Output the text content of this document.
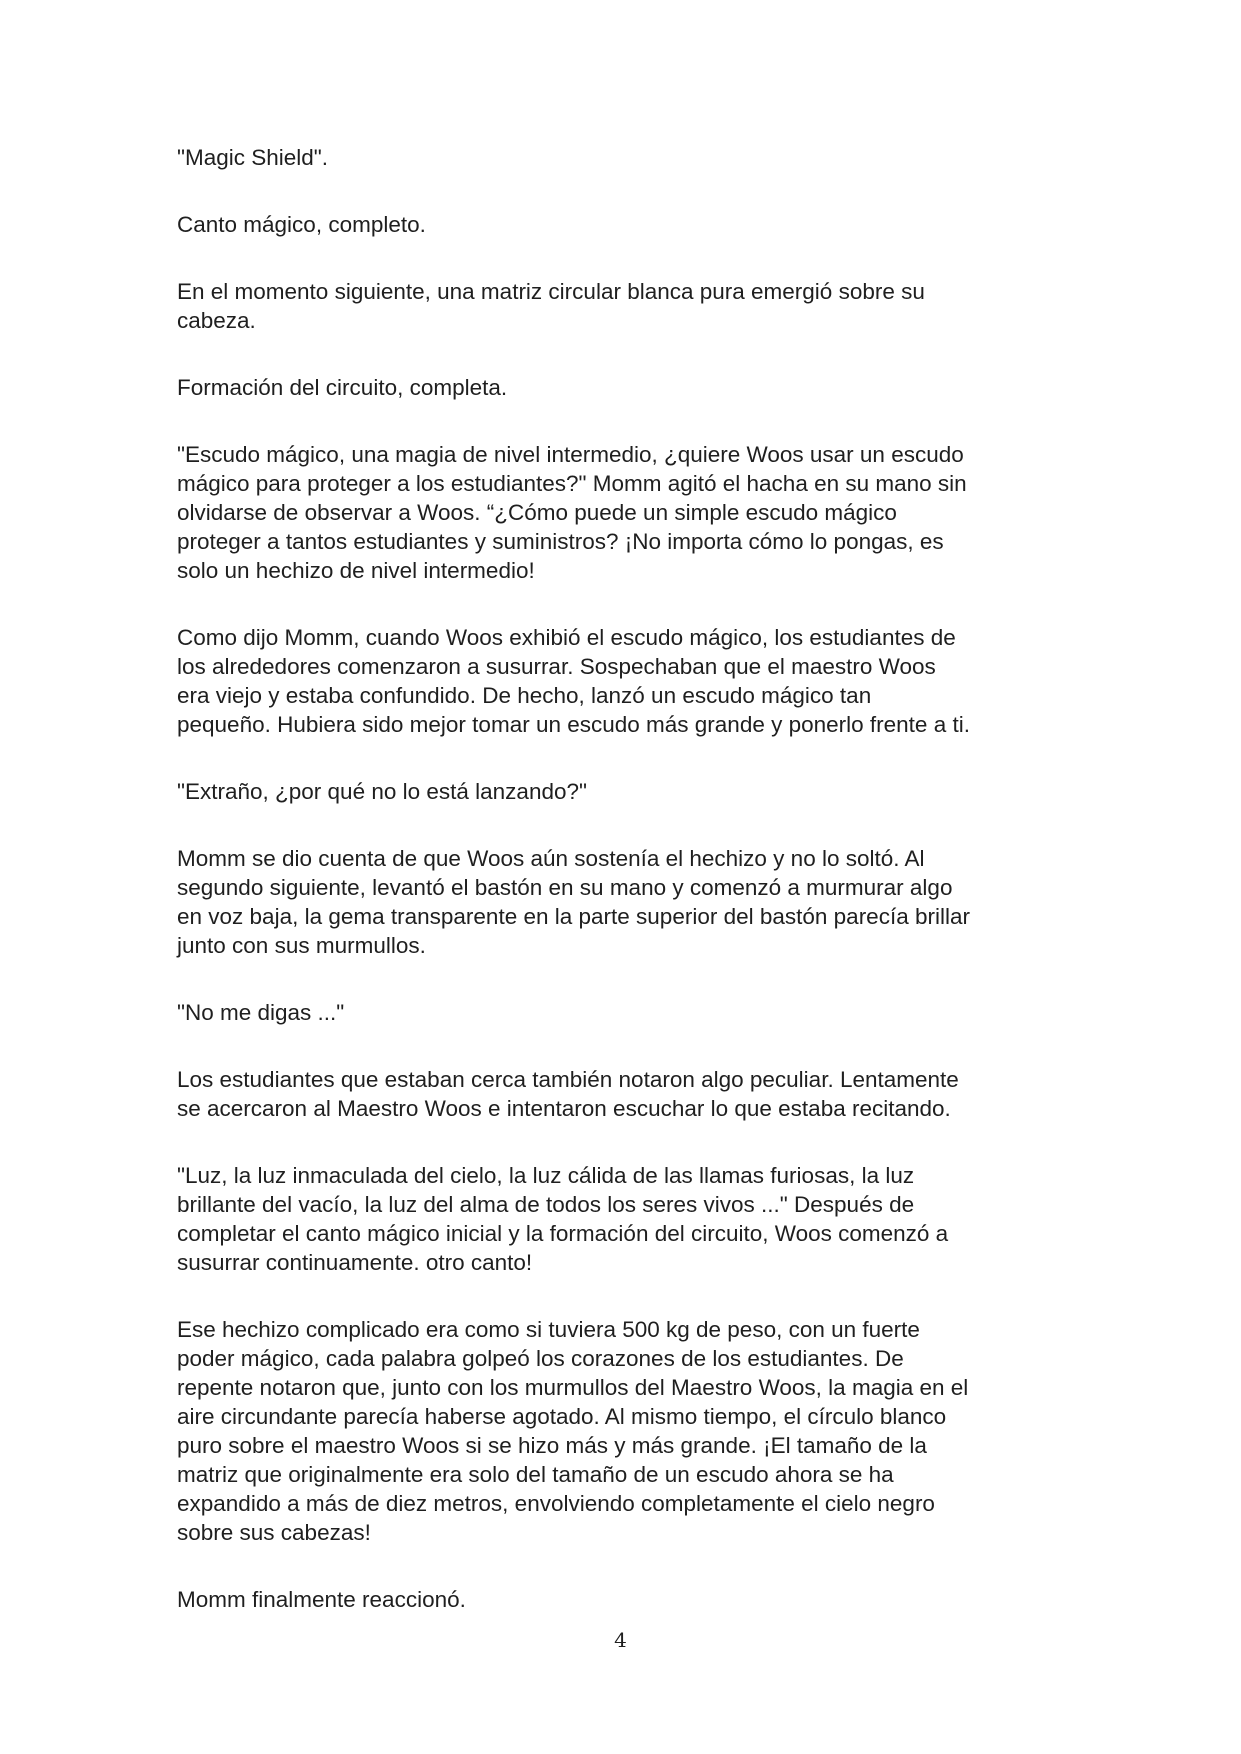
"Magic Shield".

Canto mágico, completo.

En el momento siguiente, una matriz circular blanca pura emergió sobre su
cabeza.

Formación del circuito, completa.

"Escudo mágico, una magia de nivel intermedio, ¿quiere Woos usar un escudo
mágico para proteger a los estudiantes?" Momm agitó el hacha en su mano sin
olvidarse de observar a Woos. “¿Cómo puede un simple escudo mágico
proteger a tantos estudiantes y suministros? ¡No importa cómo lo pongas, es
solo un hechizo de nivel intermedio!

Como dijo Momm, cuando Woos exhibió el escudo mágico, los estudiantes de
los alrededores comenzaron a susurrar. Sospechaban que el maestro Woos
era viejo y estaba confundido. De hecho, lanzó un escudo mágico tan
pequeño. Hubiera sido mejor tomar un escudo más grande y ponerlo frente a ti.

"Extraño, ¿por qué no lo está lanzando?"

Momm se dio cuenta de que Woos aún sostenía el hechizo y no lo soltó. Al
segundo siguiente, levantó el bastón en su mano y comenzó a murmurar algo
en voz baja, la gema transparente en la parte superior del bastón parecía brillar
junto con sus murmullos.

"No me digas ..."

Los estudiantes que estaban cerca también notaron algo peculiar. Lentamente
se acercaron al Maestro Woos e intentaron escuchar lo que estaba recitando.

"Luz, la luz inmaculada del cielo, la luz cálida de las llamas furiosas, la luz
brillante del vacío, la luz del alma de todos los seres vivos ..." Después de
completar el canto mágico inicial y la formación del circuito, Woos comenzó a
susurrar continuamente. otro canto!

Ese hechizo complicado era como si tuviera 500 kg de peso, con un fuerte
poder mágico, cada palabra golpeó los corazones de los estudiantes. De
repente notaron que, junto con los murmullos del Maestro Woos, la magia en el
aire circundante parecía haberse agotado. Al mismo tiempo, el círculo blanco
puro sobre el maestro Woos si se hizo más y más grande. ¡El tamaño de la
matriz que originalmente era solo del tamaño de un escudo ahora se ha
expandido a más de diez metros, envolviendo completamente el cielo negro
sobre sus cabezas!

Momm finalmente reaccionó.

4
